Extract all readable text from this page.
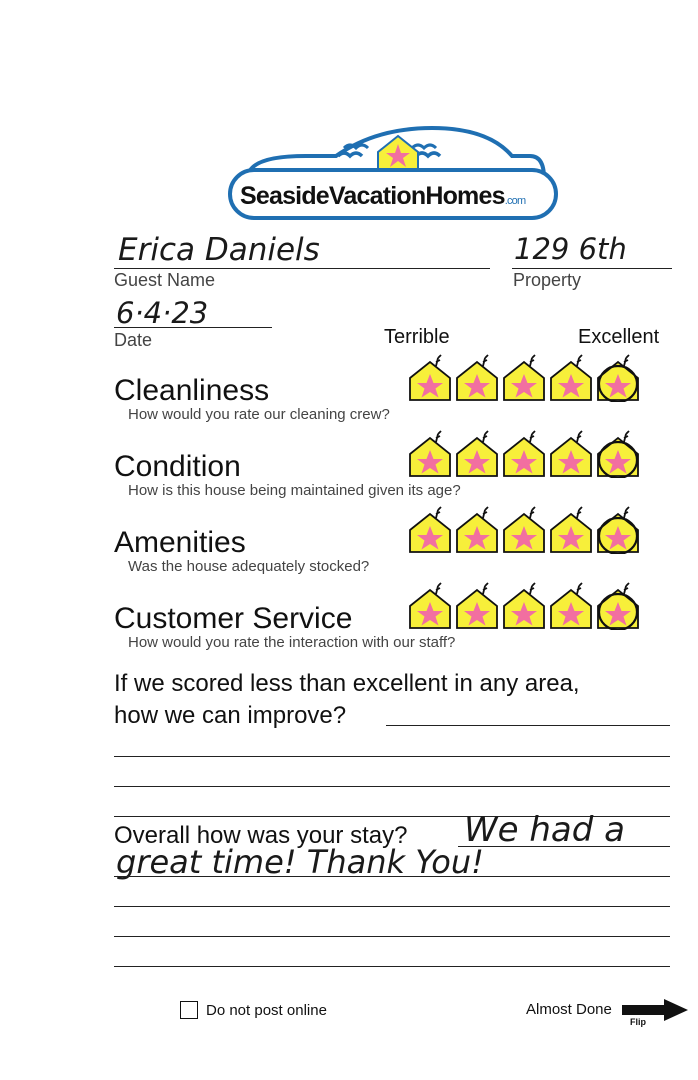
SeasideVacationHomes.com
Erica Daniels
Guest Name
129 6th
Property
6·4·23
Date	Terrible	Excellent
Cleanliness
How would you rate our cleaning crew?
Condition
How is this house being maintained given its age?
Amenities
Was the house adequately stocked?
Customer Service
How would you rate the interaction with our staff?
If we scored less than excellent in any area,
how we can improve?
Overall how was your stay? We had a
great time! Thank You!
Do not post online	Almost Done
Flip
